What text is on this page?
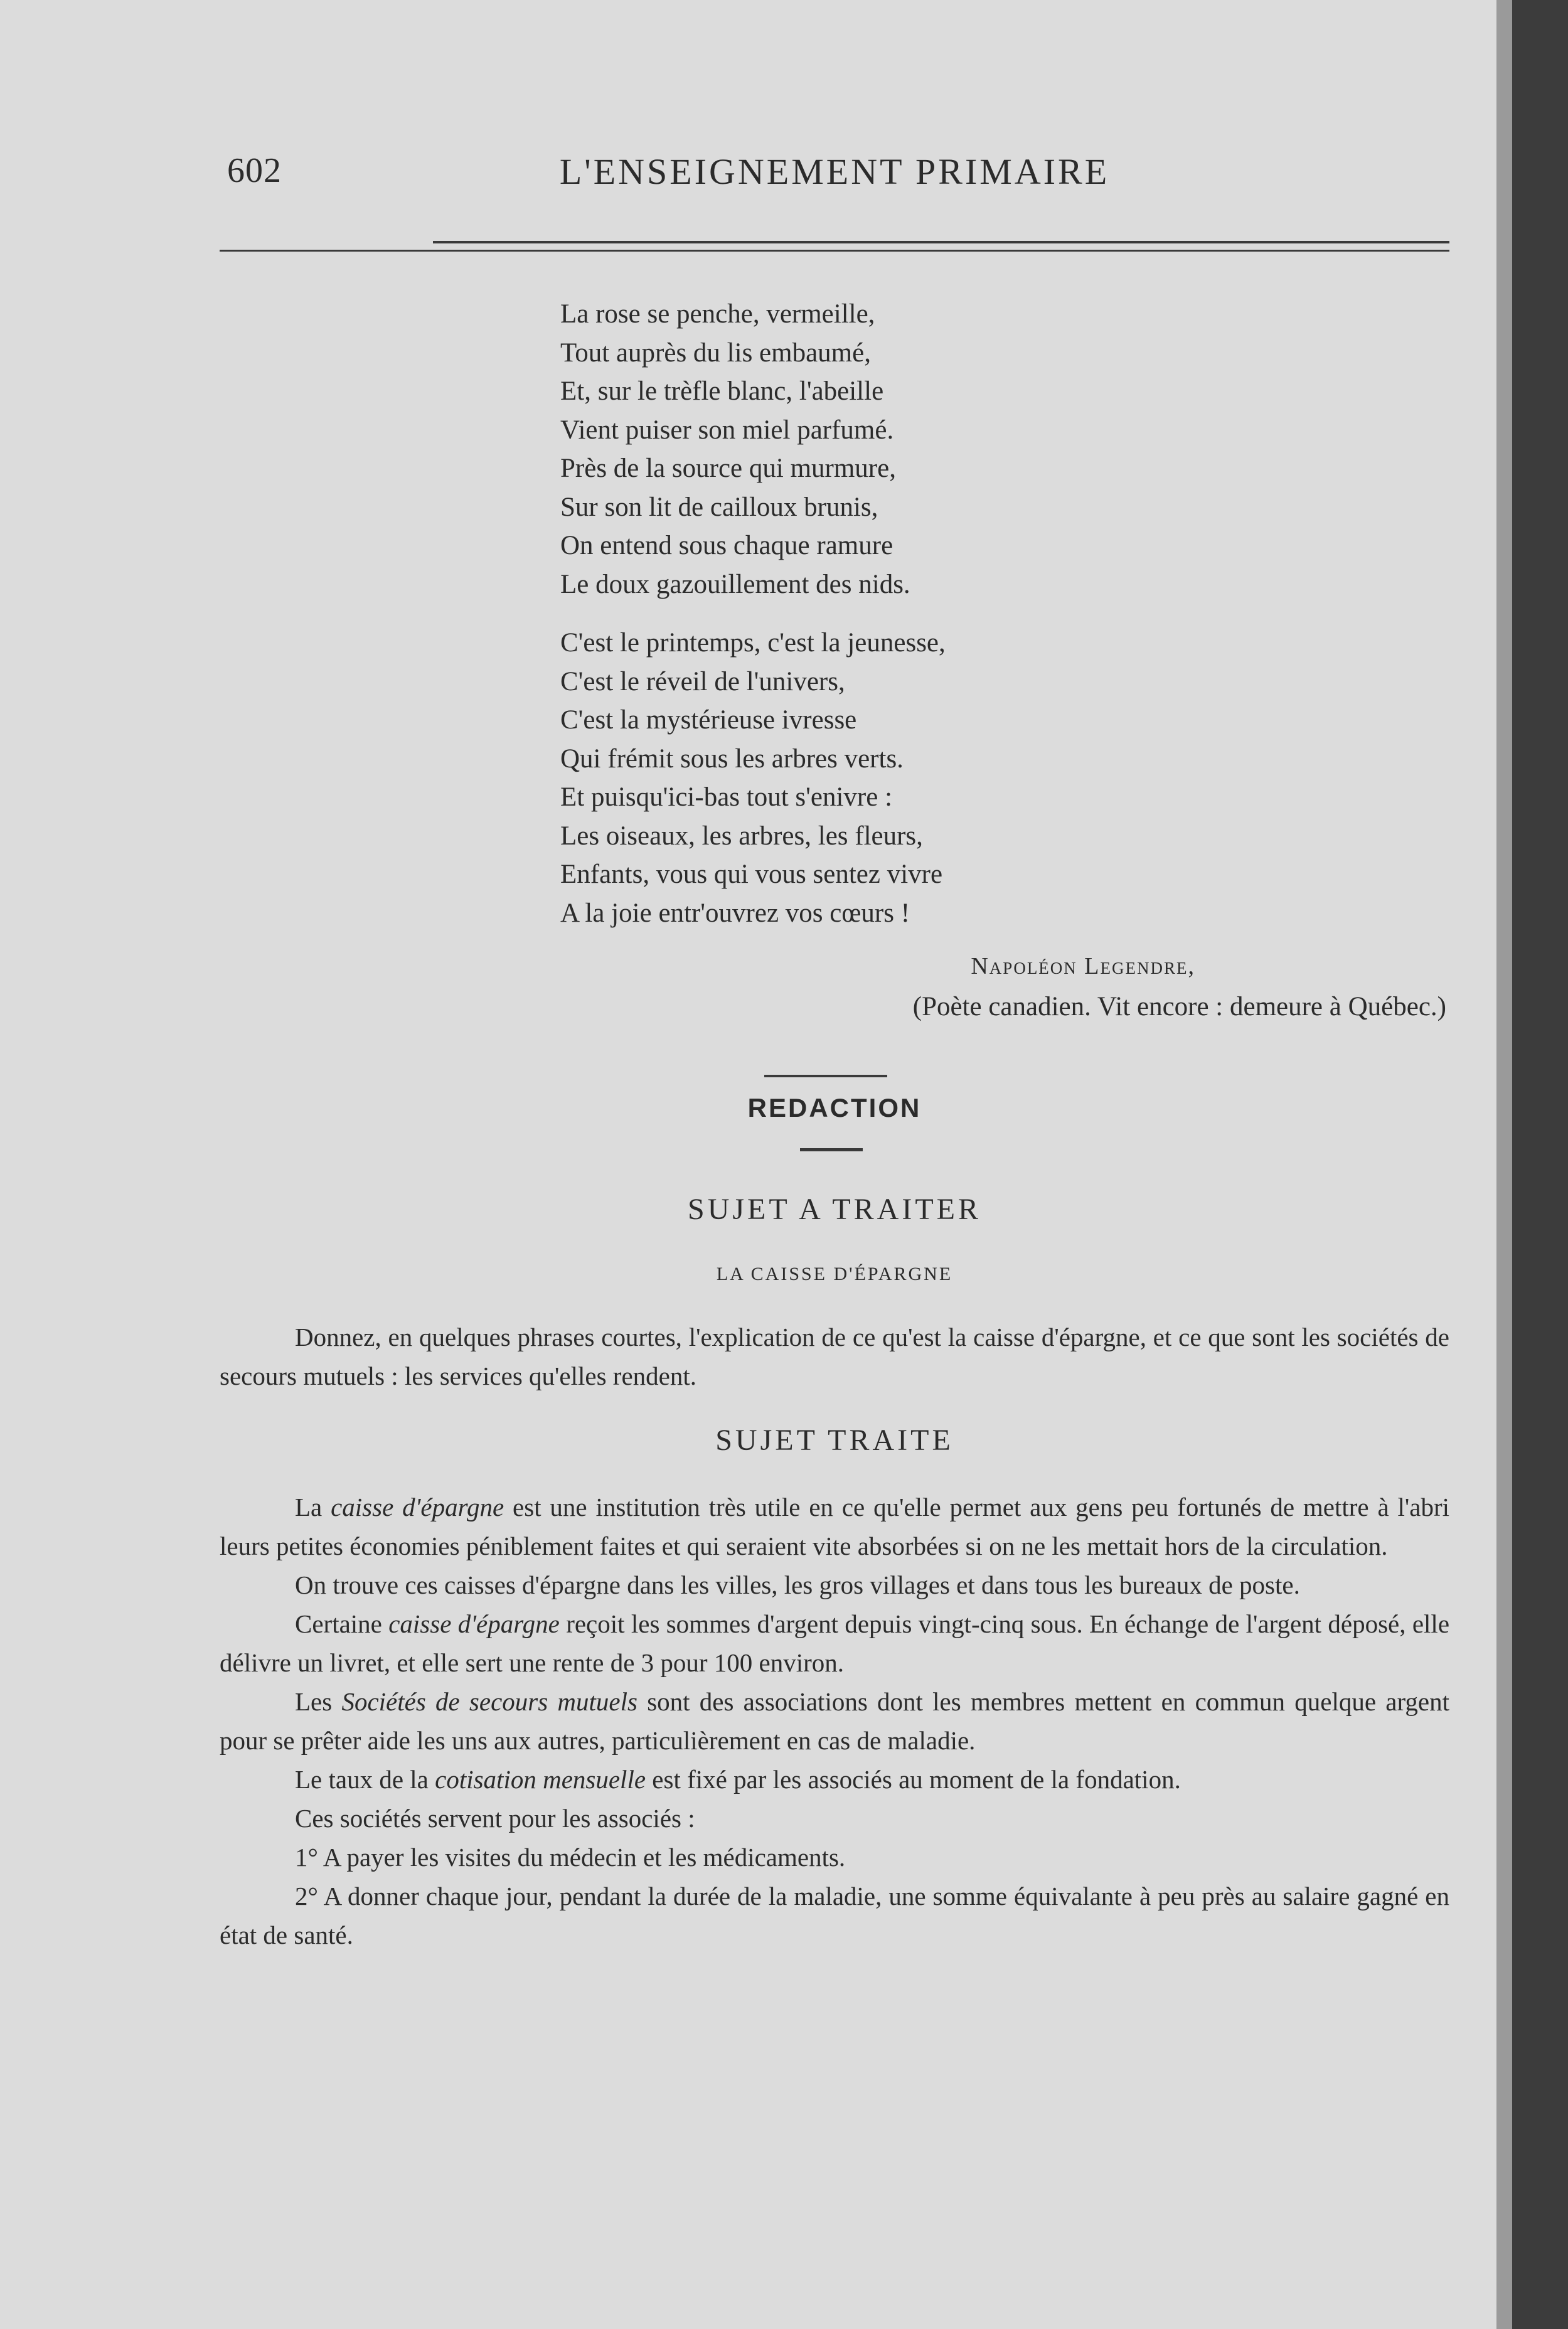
602	L'ENSEIGNEMENT PRIMAIRE
La rose se penche, vermeille,
Tout auprès du lis embaumé,
Et, sur le trèfle blanc, l'abeille
Vient puiser son miel parfumé.
Près de la source qui murmure,
Sur son lit de cailloux brunis,
On entend sous chaque ramure
Le doux gazouillement des nids.
C'est le printemps, c'est la jeunesse,
C'est le réveil de l'univers,
C'est la mystérieuse ivresse
Qui frémit sous les arbres verts.
Et puisqu'ici-bas tout s'enivre :
Les oiseaux, les arbres, les fleurs,
Enfants, vous qui vous sentez vivre
A la joie entr'ouvrez vos cœurs !
Napoléon Legendre,
(Poète canadien. Vit encore : demeure à Québec.)
REDACTION
SUJET A TRAITER
LA CAISSE D'ÉPARGNE

Donnez, en quelques phrases courtes, l'explication de ce qu'est la caisse d'épargne, et ce que sont les sociétés de secours mutuels : les services qu'elles rendent.

SUJET TRAITE

La caisse d'épargne est une institution très utile en ce qu'elle permet aux gens peu fortunés de mettre à l'abri leurs petites économies péniblement faites et qui seraient vite absorbées si on ne les mettait hors de la circulation.

On trouve ces caisses d'épargne dans les villes, les gros villages et dans tous les bureaux de poste.

Certaine caisse d'épargne reçoit les sommes d'argent depuis vingt-cinq sous. En échange de l'argent déposé, elle délivre un livret, et elle sert une rente de 3 pour 100 environ.

Les Sociétés de secours mutuels sont des associations dont les membres mettent en commun quelque argent pour se prêter aide les uns aux autres, particulièrement en cas de maladie.

Le taux de la cotisation mensuelle est fixé par les associés au moment de la fondation.

Ces sociétés servent pour les associés :

1° A payer les visites du médecin et les médicaments.

2° A donner chaque jour, pendant la durée de la maladie, une somme équivalante à peu près au salaire gagné en état de santé.
